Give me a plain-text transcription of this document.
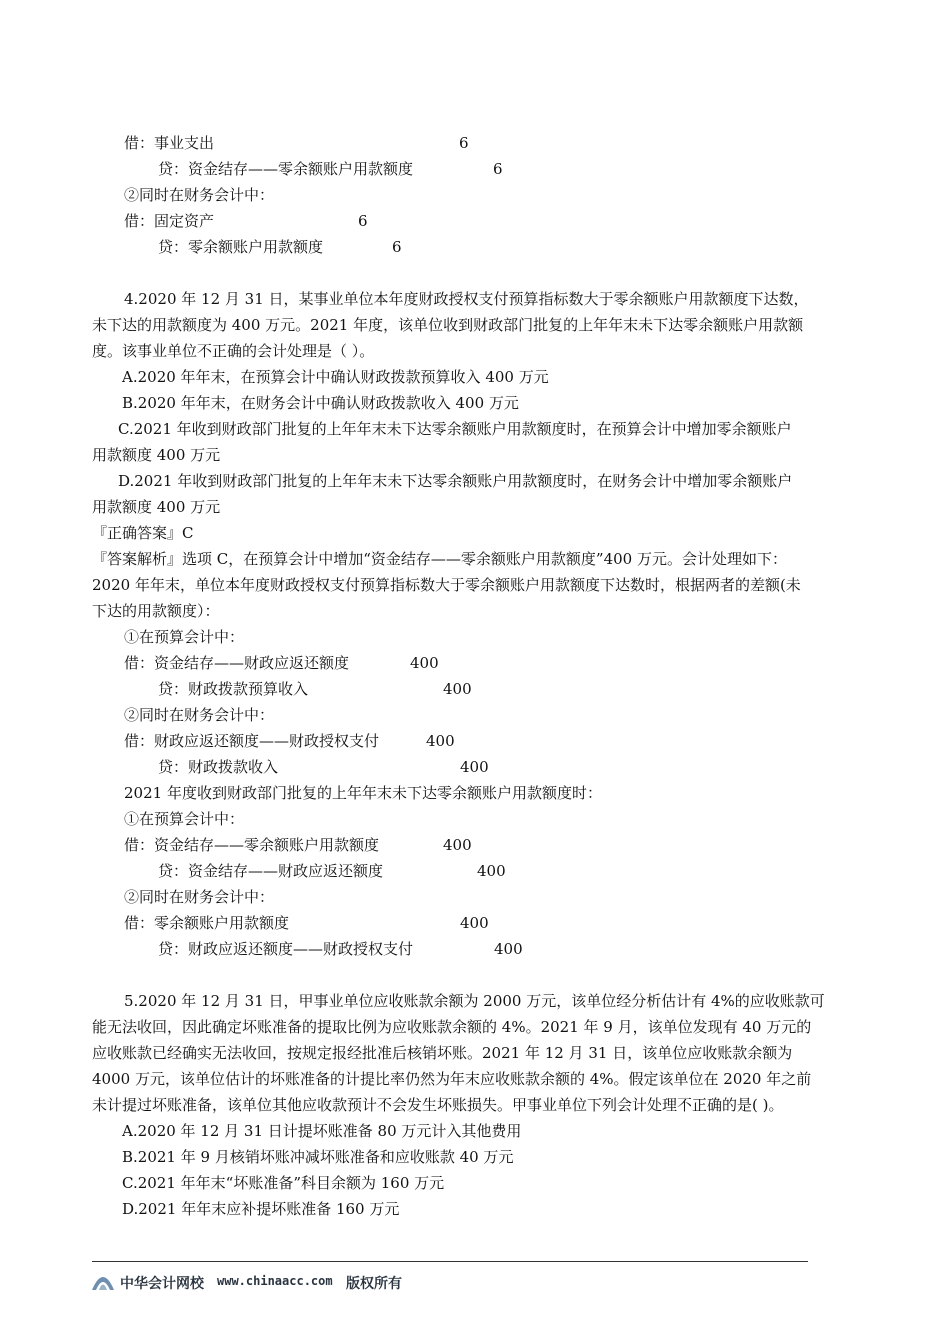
借：事业支出	6
贷：资金结存——零余额账户用款额度	6
②同时在财务会计中：
借：固定资产	6
贷：零余额账户用款额度	6
4.2020 年 12 月 31 日，某事业单位本年度财政授权支付预算指标数大于零余额账户用款额度下达数，
未下达的用款额度为 400 万元。2021 年度，该单位收到财政部门批复的上年年末未下达零余额账户用款额
度。该事业单位不正确的会计处理是（ ）。
A.2020 年年末，在预算会计中确认财政拨款预算收入 400 万元
B.2020 年年末，在财务会计中确认财政拨款收入 400 万元
C.2021 年收到财政部门批复的上年年末未下达零余额账户用款额度时，在预算会计中增加零余额账户
用款额度 400 万元
D.2021 年收到财政部门批复的上年年末未下达零余额账户用款额度时，在财务会计中增加零余额账户
用款额度 400 万元
『正确答案』C
『答案解析』选项 C，在预算会计中增加“资金结存——零余额账户用款额度”400 万元。会计处理如下：
2020 年年末，单位本年度财政授权支付预算指标数大于零余额账户用款额度下达数时，根据两者的差额(未
下达的用款额度）：
①在预算会计中：
借：资金结存——财政应返还额度	400
贷：财政拨款预算收入	400
②同时在财务会计中：
借：财政应返还额度——财政授权支付	400
贷：财政拨款收入	400
2021 年度收到财政部门批复的上年年末未下达零余额账户用款额度时：
①在预算会计中：
借：资金结存——零余额账户用款额度	400
贷：资金结存——财政应返还额度	400
②同时在财务会计中：
借：零余额账户用款额度	400
贷：财政应返还额度——财政授权支付	400
5.2020 年 12 月 31 日，甲事业单位应收账款余额为 2000 万元，该单位经分析估计有 4%的应收账款可
能无法收回，因此确定坏账准备的提取比例为应收账款余额的 4%。2021 年 9 月，该单位发现有 40 万元的
应收账款已经确实无法收回，按规定报经批准后核销坏账。2021 年 12 月 31 日，该单位应收账款余额为
4000 万元，该单位估计的坏账准备的计提比率仍然为年末应收账款余额的 4%。假定该单位在 2020 年之前
未计提过坏账准备，该单位其他应收款预计不会发生坏账损失。甲事业单位下列会计处理不正确的是( )。
A.2020 年 12 月 31 日计提坏账准备 80 万元计入其他费用
B.2021 年 9 月核销坏账冲减坏账准备和应收账款 40 万元
C.2021 年年末“坏账准备”科目余额为 160 万元
D.2021 年年末应补提坏账准备 160 万元
中华会计网校 www.chinaacc.com 版权所有
